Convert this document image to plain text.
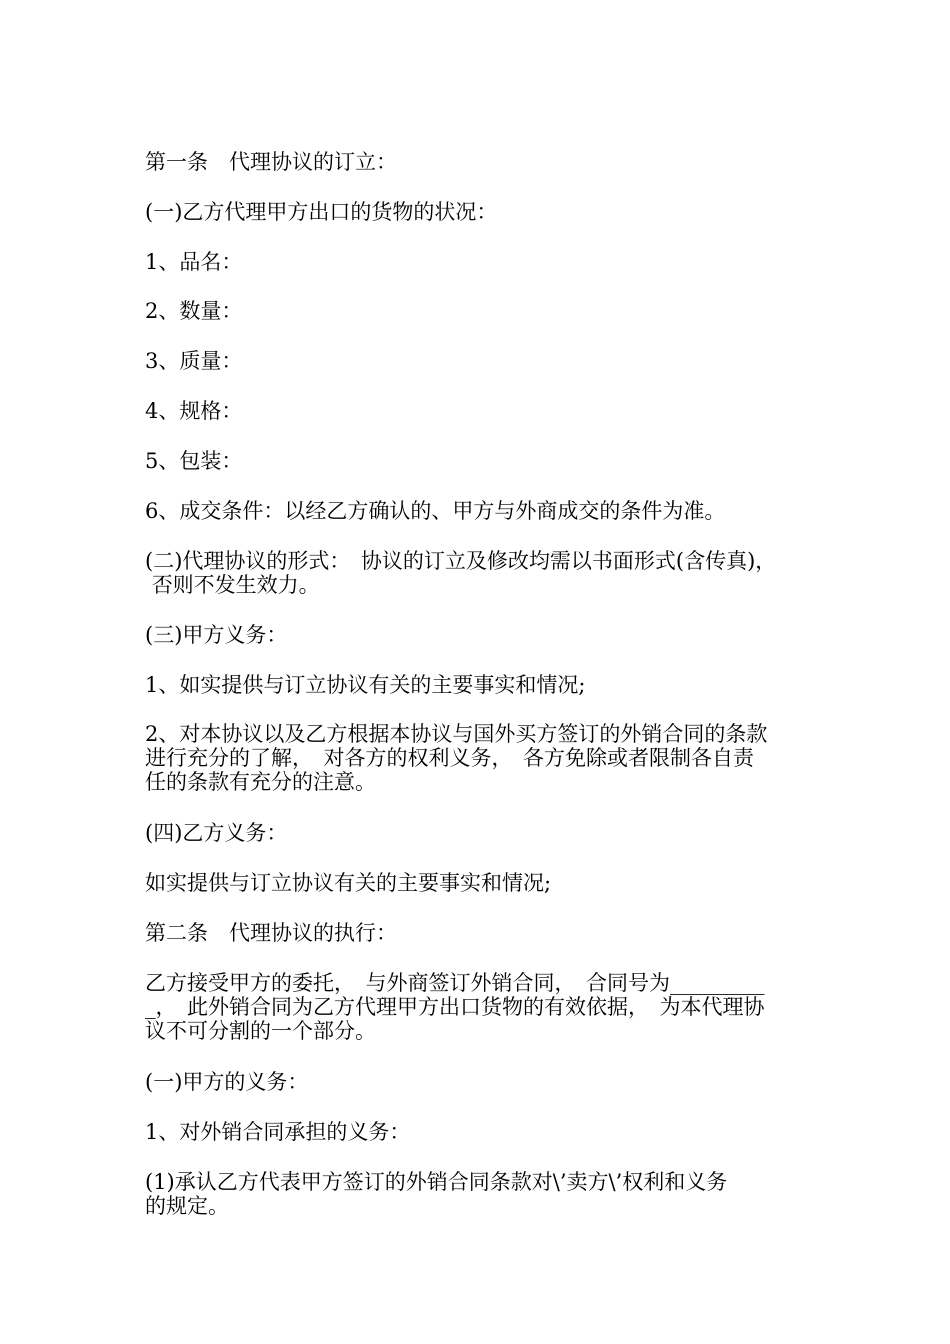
第一条　代理协议的订立：

(一)乙方代理甲方出口的货物的状况：

1、品名：

2、数量：

3、质量：

4、规格：

5、包装：

6、成交条件：以经乙方确认的、甲方与外商成交的条件为准。

(二)代理协议的形式：　协议的订立及修改均需以书面形式(含传真)，
否则不发生效力。

(三)甲方义务：

1、如实提供与订立协议有关的主要事实和情况;

2、对本协议以及乙方根据本协议与国外买方签订的外销合同的条款
进行充分的了解，　对各方的权利义务，　各方免除或者限制各自责
任的条款有充分的注意。

(四)乙方义务：

如实提供与订立协议有关的主要事实和情况;

第二条　代理协议的执行：

乙方接受甲方的委托，　与外商签订外销合同，　合同号为_________
_，　此外销合同为乙方代理甲方出口货物的有效依据，　为本代理协
议不可分割的一个部分。

(一)甲方的义务：

1、对外销合同承担的义务：

(1)承认乙方代表甲方签订的外销合同条款对\’卖方\’权利和义务
的规定。
